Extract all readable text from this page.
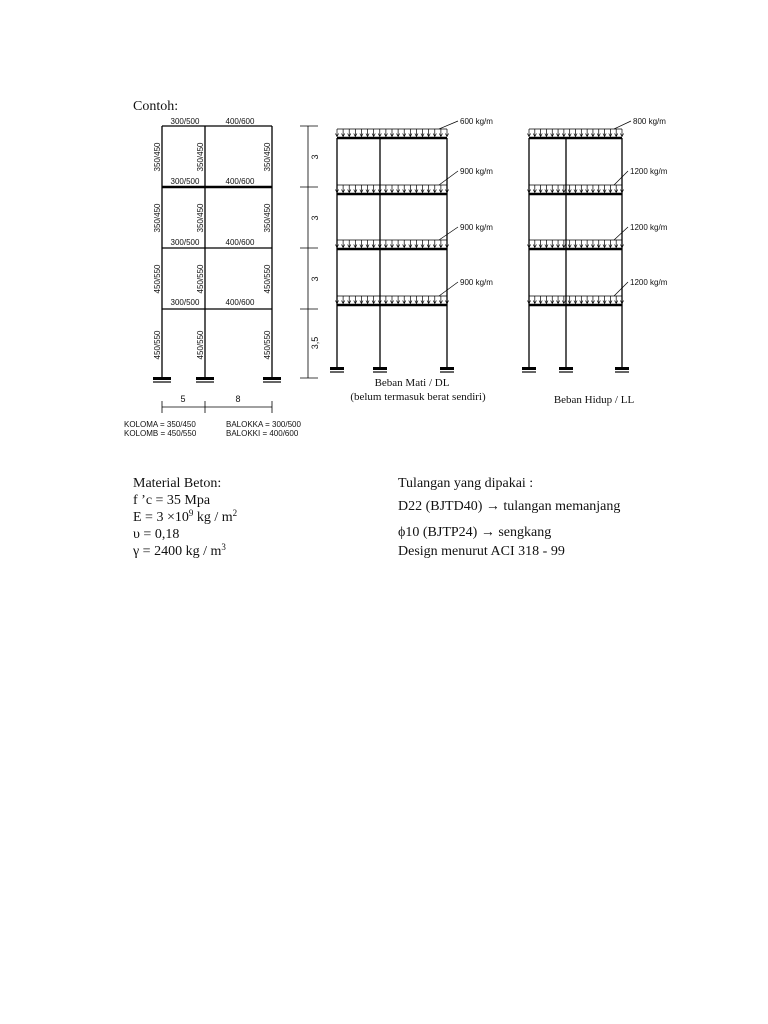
Contoh:
300/500	400/600
300/500	400/600
300/500	400/600
300/500	400/600
350/450	350/450	350/450
350/450	350/450	350/450
450/550	450/550	450/550
450/550	450/550	450/550
3
3
3
3,5
5	8
KOLOMA = 350/450
KOLOMB = 450/550
BALOKKA = 300/500
BALOKKI = 400/600
600 kg/m
900 kg/m
900 kg/m
900 kg/m
Beban Mati / DL
(belum termasuk berat sendiri)
800 kg/m
1200 kg/m
1200 kg/m
1200 kg/m
Beban Hidup / LL
Material Beton:
f ’c = 35 Mpa
$E = 3 \times 10^9$ kg / $m^2$
υ = 0,18
γ = 2400 kg / $m^3$
Tulangan yang dipakai :
D22 (BJTD40) → tulangan memanjang
ϕ10 (BJTP24) → sengkang
Design menurut ACI 318 - 99
